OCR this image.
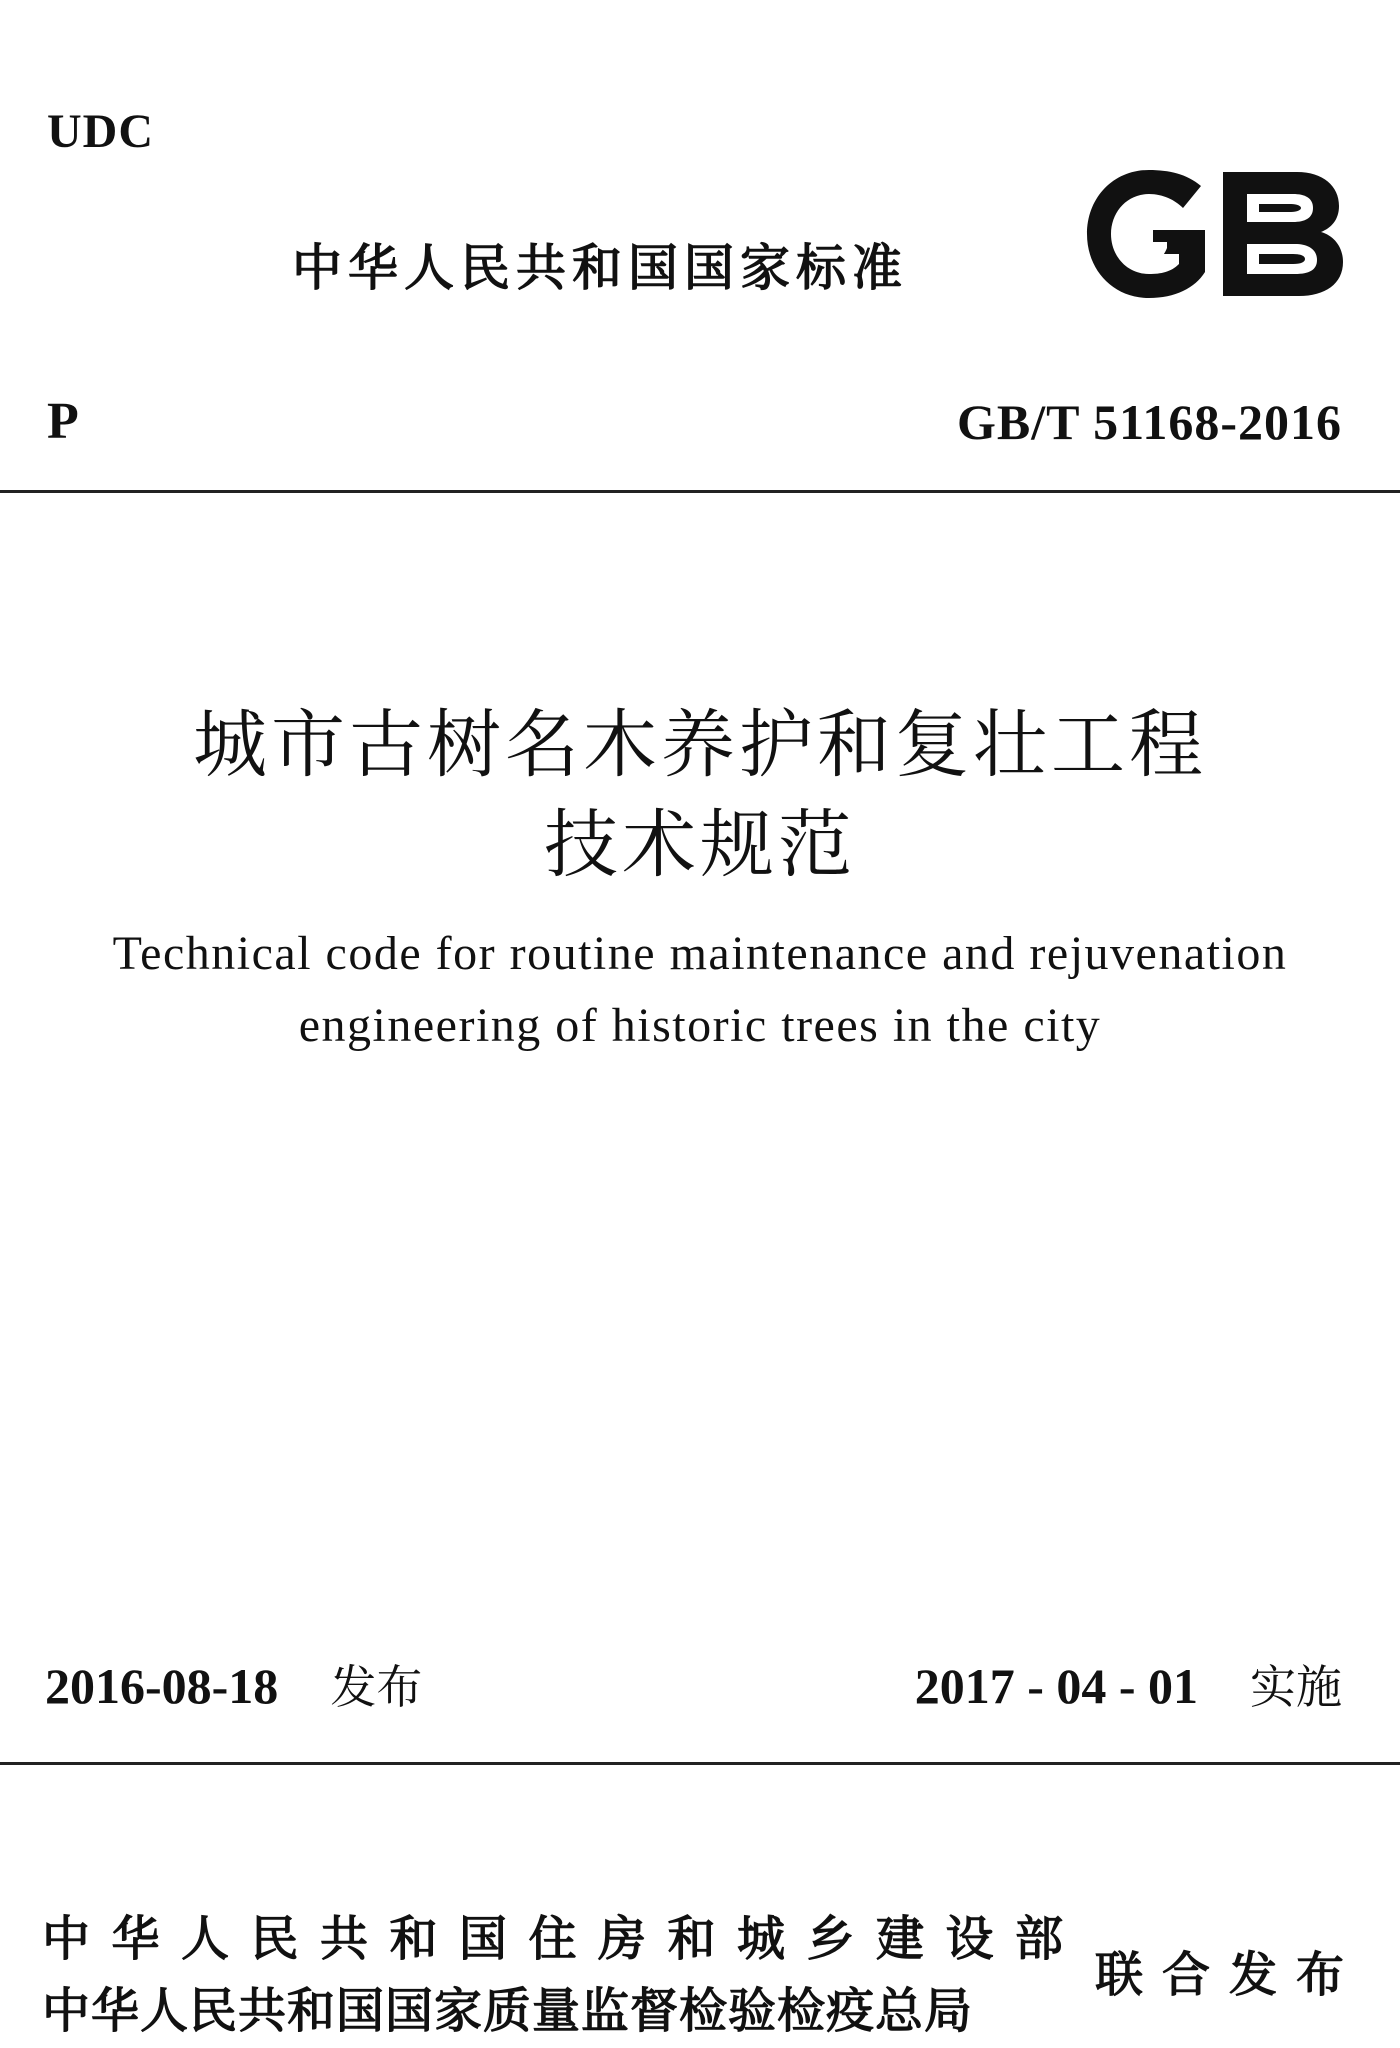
UDC
中华人民共和国国家标准
P	GB/T 51168-2016
城市古树名木养护和复壮工程
技术规范
Technical code for routine maintenance and rejuvenation
engineering of historic trees in the city
2016-08-18 发布	2017 - 04 - 01 实施
中华人民共和国住房和城乡建设部
中华人民共和国国家质量监督检验检疫总局
联合发布
